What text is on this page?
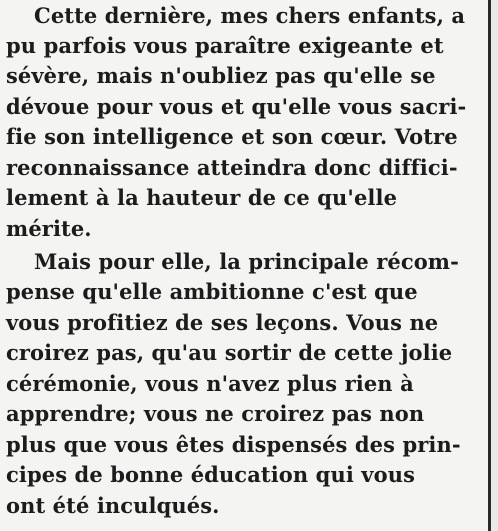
Cette dernière, mes chers enfants, a
pu parfois vous paraître exigeante et
sévère, mais n'oubliez pas qu'elle se
dévoue pour vous et qu'elle vous sacri-
fie son intelligence et son cœur. Votre
reconnaissance atteindra donc diffici-
lement à la hauteur de ce qu'elle
mérite.
Mais pour elle, la principale récom-
pense qu'elle ambitionne c'est que
vous profitiez de ses leçons. Vous ne
croirez pas, qu'au sortir de cette jolie
cérémonie, vous n'avez plus rien à
apprendre; vous ne croirez pas non
plus que vous êtes dispensés des prin-
cipes de bonne éducation qui vous
ont été inculqués.
